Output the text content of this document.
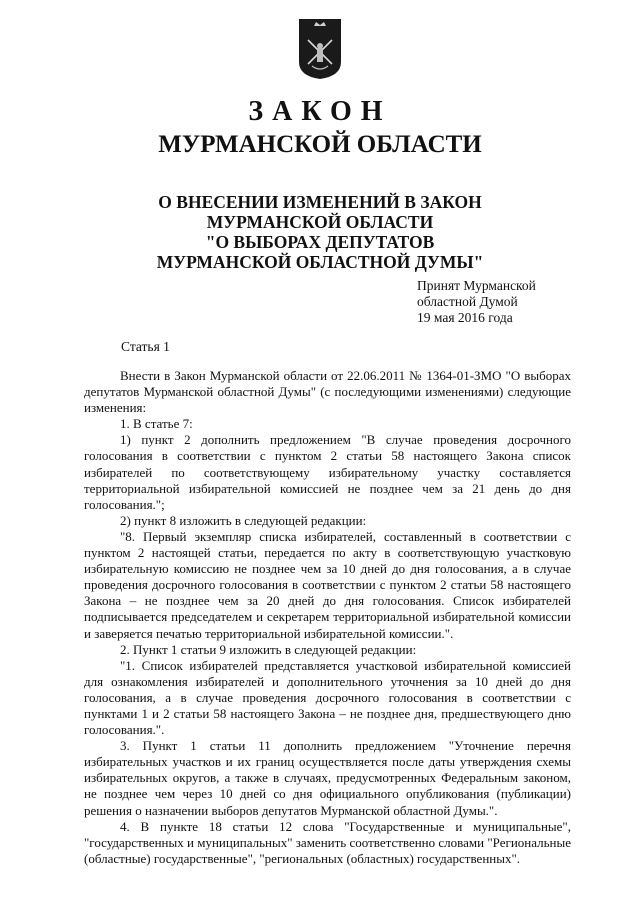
ЗАКОН
МУРМАНСКОЙ ОБЛАСТИ
О ВНЕСЕНИИ ИЗМЕНЕНИЙ В ЗАКОН
МУРМАНСКОЙ ОБЛАСТИ
"О ВЫБОРАХ ДЕПУТАТОВ
МУРМАНСКОЙ ОБЛАСТНОЙ ДУМЫ"
Принят Мурманской
областной Думой
19 мая 2016 года
Статья 1

Внести в Закон Мурманской области от 22.06.2011 № 1364-01-ЗМО "О выборах депутатов Мурманской областной Думы" (с последующими изменениями) следующие изменения:

1. В статье 7:

1) пункт 2 дополнить предложением "В случае проведения досрочного голосования в соответствии с пунктом 2 статьи 58 настоящего Закона список избирателей по соответствующему избирательному участку составляется территориальной избирательной комиссией не позднее чем за 21 день до дня голосования.";

2) пункт 8 изложить в следующей редакции:

"8. Первый экземпляр списка избирателей, составленный в соответствии с пунктом 2 настоящей статьи, передается по акту в соответствующую участковую избирательную комиссию не позднее чем за 10 дней до дня голосования, а в случае проведения досрочного голосования в соответствии с пунктом 2 статьи 58 настоящего Закона – не позднее чем за 20 дней до дня голосования. Список избирателей подписывается председателем и секретарем территориальной избирательной комиссии и заверяется печатью территориальной избирательной комиссии.".

2. Пункт 1 статьи 9 изложить в следующей редакции:

"1. Список избирателей представляется участковой избирательной комиссией для ознакомления избирателей и дополнительного уточнения за 10 дней до дня голосования, а в случае проведения досрочного голосования в соответствии с пунктами 1 и 2 статьи 58 настоящего Закона – не позднее дня, предшествующего дню голосования.".

3. Пункт 1 статьи 11 дополнить предложением "Уточнение перечня избирательных участков и их границ осуществляется после даты утверждения схемы избирательных округов, а также в случаях, предусмотренных Федеральным законом, не позднее чем через 10 дней со дня официального опубликования (публикации) решения о назначении выборов депутатов Мурманской областной Думы.".

4. В пункте 18 статьи 12 слова "Государственные и муниципальные", "государственных и муниципальных" заменить соответственно словами "Региональные (областные) государственные", "региональных (областных) государственных".
